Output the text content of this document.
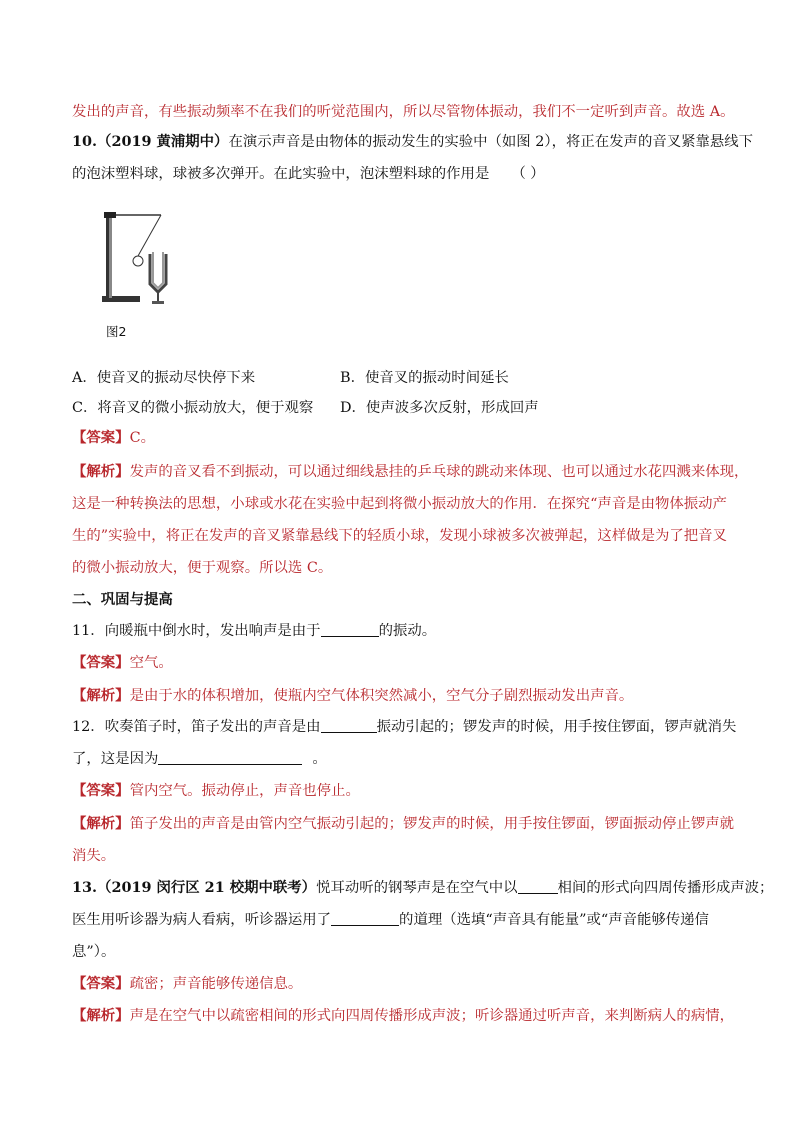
发出的声音，有些振动频率不在我们的听觉范围内，所以尽管物体振动，我们不一定听到声音。故选 A。
10.（2019 黄浦期中）在演示声音是由物体的振动发生的实验中（如图 2），将正在发声的音叉紧靠悬线下
的泡沫塑料球，球被多次弹开。在此实验中，泡沫塑料球的作用是 （ ）
图2
A．使音叉的振动尽快停下来	B．使音叉的振动时间延长
C．将音叉的微小振动放大，便于观察 D．使声波多次反射，形成回声
【答案】C。
【解析】发声的音叉看不到振动，可以通过细线悬挂的乒乓球的跳动来体现、也可以通过水花四溅来体现，
这是一种转换法的思想，小球或水花在实验中起到将微小振动放大的作用．在探究“声音是由物体振动产
生的”实验中，将正在发声的音叉紧靠悬线下的轻质小球，发现小球被多次被弹起，这样做是为了把音叉
的微小振动放大，便于观察。所以选 C。
二、巩固与提高
11．向暖瓶中倒水时，发出响声是由于	的振动。
【答案】空气。
【解析】是由于水的体积增加，使瓶内空气体积突然减小，空气分子剧烈振动发出声音。
12．吹奏笛子时，笛子发出的声音是由	振动引起的；锣发声的时候，用手按住锣面，锣声就消失
了，这是因为	。
【答案】管内空气。振动停止，声音也停止。
【解析】笛子发出的声音是由管内空气振动引起的；锣发声的时候，用手按住锣面，锣面振动停止锣声就
消失。
13.（2019 闵行区 21 校期中联考）悦耳动听的钢琴声是在空气中以	相间的形式向四周传播形成声波；
医生用听诊器为病人看病，听诊器运用了	的道理（选填“声音具有能量”或“声音能够传递信
息”）。
【答案】疏密；声音能够传递信息。
【解析】声是在空气中以疏密相间的形式向四周传播形成声波；听诊器通过听声音，来判断病人的病情，
